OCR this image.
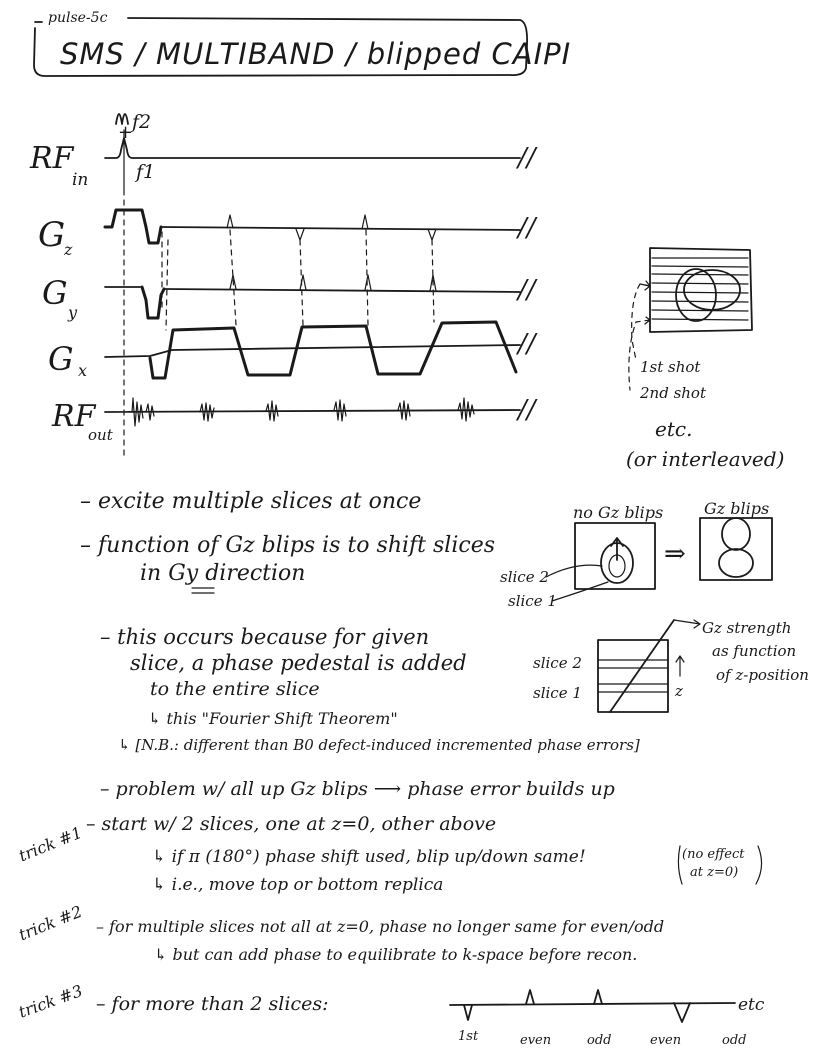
pulse-5c
SMS / MULTIBAND / blipped CAIPI
RF
in
f2
+
f1
G
z
G
y
G x
RF
out
//
//
//
//
//
1st shot
2nd shot
etc.
(or interleaved)
– excite multiple slices at once
– function of Gz blips is to shift slices
in Gy direction
– this occurs because for given
slice, a phase pedestal is added
to the entire slice
↳ this "Fourier Shift Theorem"
↳ [N.B.: different than B0 defect-induced incremented phase errors]
– problem w/ all up Gz blips ⟶ phase error builds up
no Gz blips	Gz blips
⇒
slice 2
slice 1
slice 2
slice 1	z
Gz strength
as function
of z-position
trick #1 – start w/ 2 slices, one at z=0, other above
↳ if π (180°) phase shift used, blip up/down same!	(no effect
at z=0)
↳ i.e., move top or bottom replica
trick #2 – for multiple slices not all at z=0, phase no longer same for even/odd
↳ but can add phase to equilibrate to k-space before recon.
trick #3 – for more than 2 slices:	etc
1st	even	odd	even	odd
